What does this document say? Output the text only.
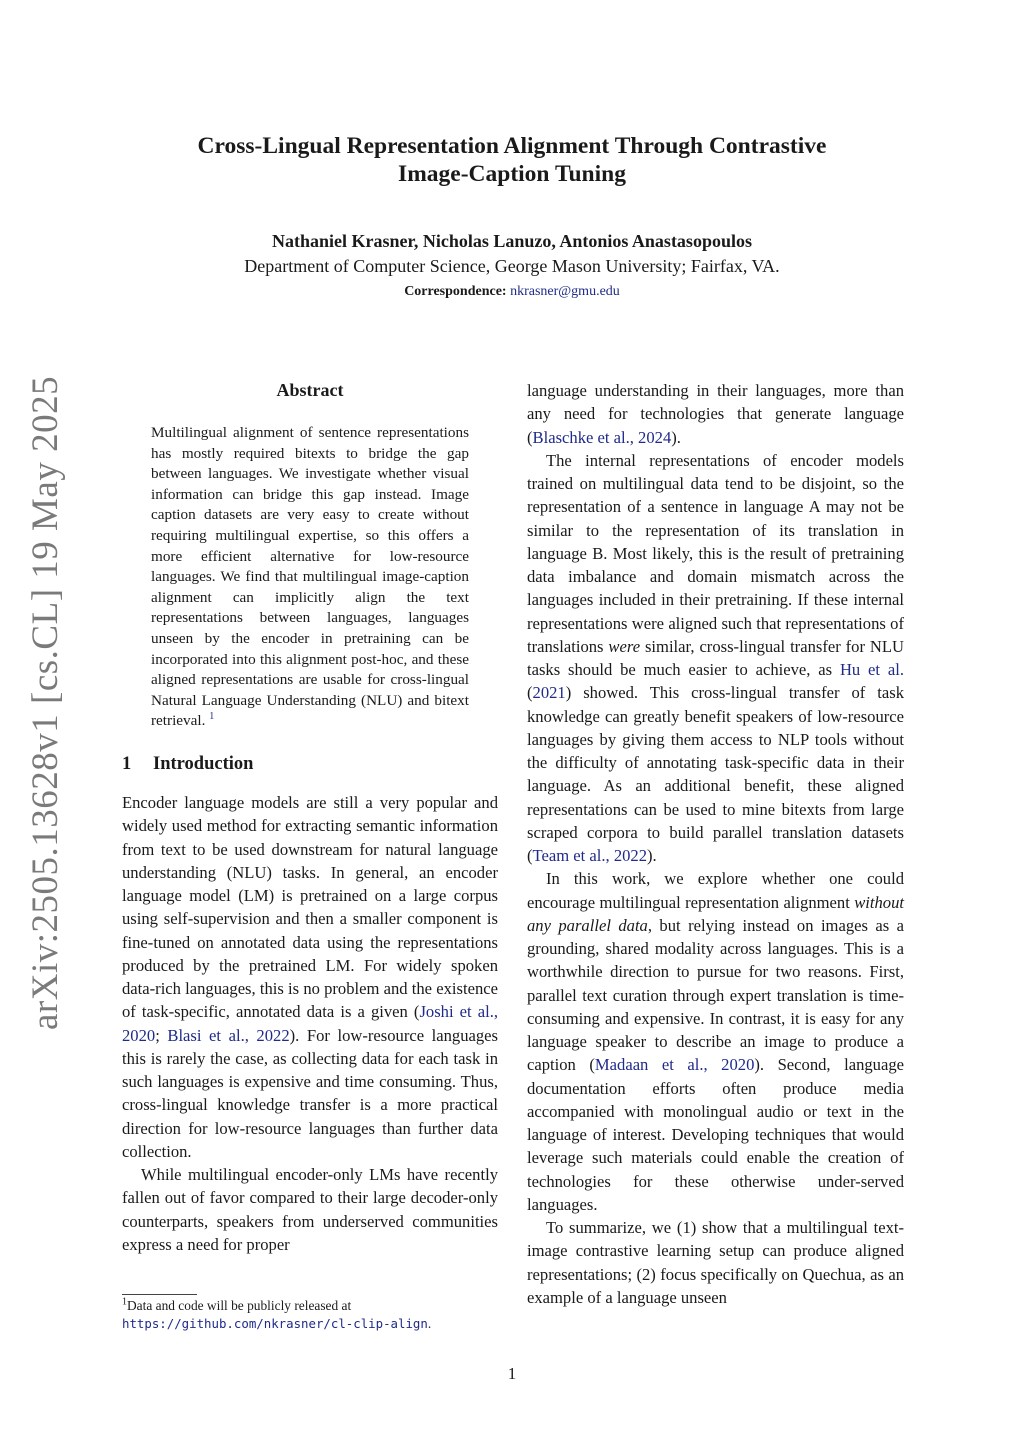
Cross-Lingual Representation Alignment Through Contrastive
Image-Caption Tuning
Nathaniel Krasner, Nicholas Lanuzo, Antonios Anastasopoulos
Department of Computer Science, George Mason University; Fairfax, VA.
Correspondence: nkrasner@gmu.edu
arXiv:2505.13628v1 [cs.CL] 19 May 2025	Abstract
Multilingual alignment of sentence representations has mostly required bitexts to bridge the gap between languages. We investigate whether visual information can bridge this gap instead. Image caption datasets are very easy to create without requiring multilingual expertise, so this offers a more efficient alternative for low-resource languages. We find that multilingual image-caption alignment can implicitly align the text representations between languages, languages unseen by the encoder in pretraining can be incorporated into this alignment post-hoc, and these aligned representations are usable for cross-lingual Natural Language Understanding (NLU) and bitext retrieval. $^1$
1 Introduction

Encoder language models are still a very popular and widely used method for extracting semantic information from text to be used downstream for natural language understanding (NLU) tasks. In general, an encoder language model (LM) is pretrained on a large corpus using self-supervision and then a smaller component is fine-tuned on annotated data using the representations produced by the pretrained LM. For widely spoken data-rich languages, this is no problem and the existence of task-specific, annotated data is a given (Joshi et al., 2020; Blasi et al., 2022). For low-resource languages this is rarely the case, as collecting data for each task in such languages is expensive and time consuming. Thus, cross-lingual knowledge transfer is a more practical direction for low-resource languages than further data collection.

While multilingual encoder-only LMs have recently fallen out of favor compared to their large decoder-only counterparts, speakers from underserved communities express a need for proper

language understanding in their languages, more than any need for technologies that generate language (Blaschke et al., 2024).

The internal representations of encoder models trained on multilingual data tend to be disjoint, so the representation of a sentence in language A may not be similar to the representation of its translation in language B. Most likely, this is the result of pretraining data imbalance and domain mismatch across the languages included in their pretraining. If these internal representations were aligned such that representations of translations were similar, cross-lingual transfer for NLU tasks should be much easier to achieve, as Hu et al. (2021) showed. This cross-lingual transfer of task knowledge can greatly benefit speakers of low-resource languages by giving them access to NLP tools without the difficulty of annotating task-specific data in their language. As an additional benefit, these aligned representations can be used to mine bitexts from large scraped corpora to build parallel translation datasets (Team et al., 2022).

In this work, we explore whether one could encourage multilingual representation alignment without any parallel data, but relying instead on images as a grounding, shared modality across languages. This is a worthwhile direction to pursue for two reasons. First, parallel text curation through expert translation is time-consuming and expensive. In contrast, it is easy for any language speaker to describe an image to produce a caption (Madaan et al., 2020). Second, language documentation efforts often produce media accompanied with monolingual audio or text in the language of interest. Developing techniques that would leverage such materials could enable the creation of technologies for these otherwise under-served languages.

To summarize, we (1) show that a multilingual text-image contrastive learning setup can produce aligned representations; (2) focus specifically on Quechua, as an example of a language unseen

$^1$Data and code will be publicly released at https://github.com/nkrasner/cl-clip-align.
1
